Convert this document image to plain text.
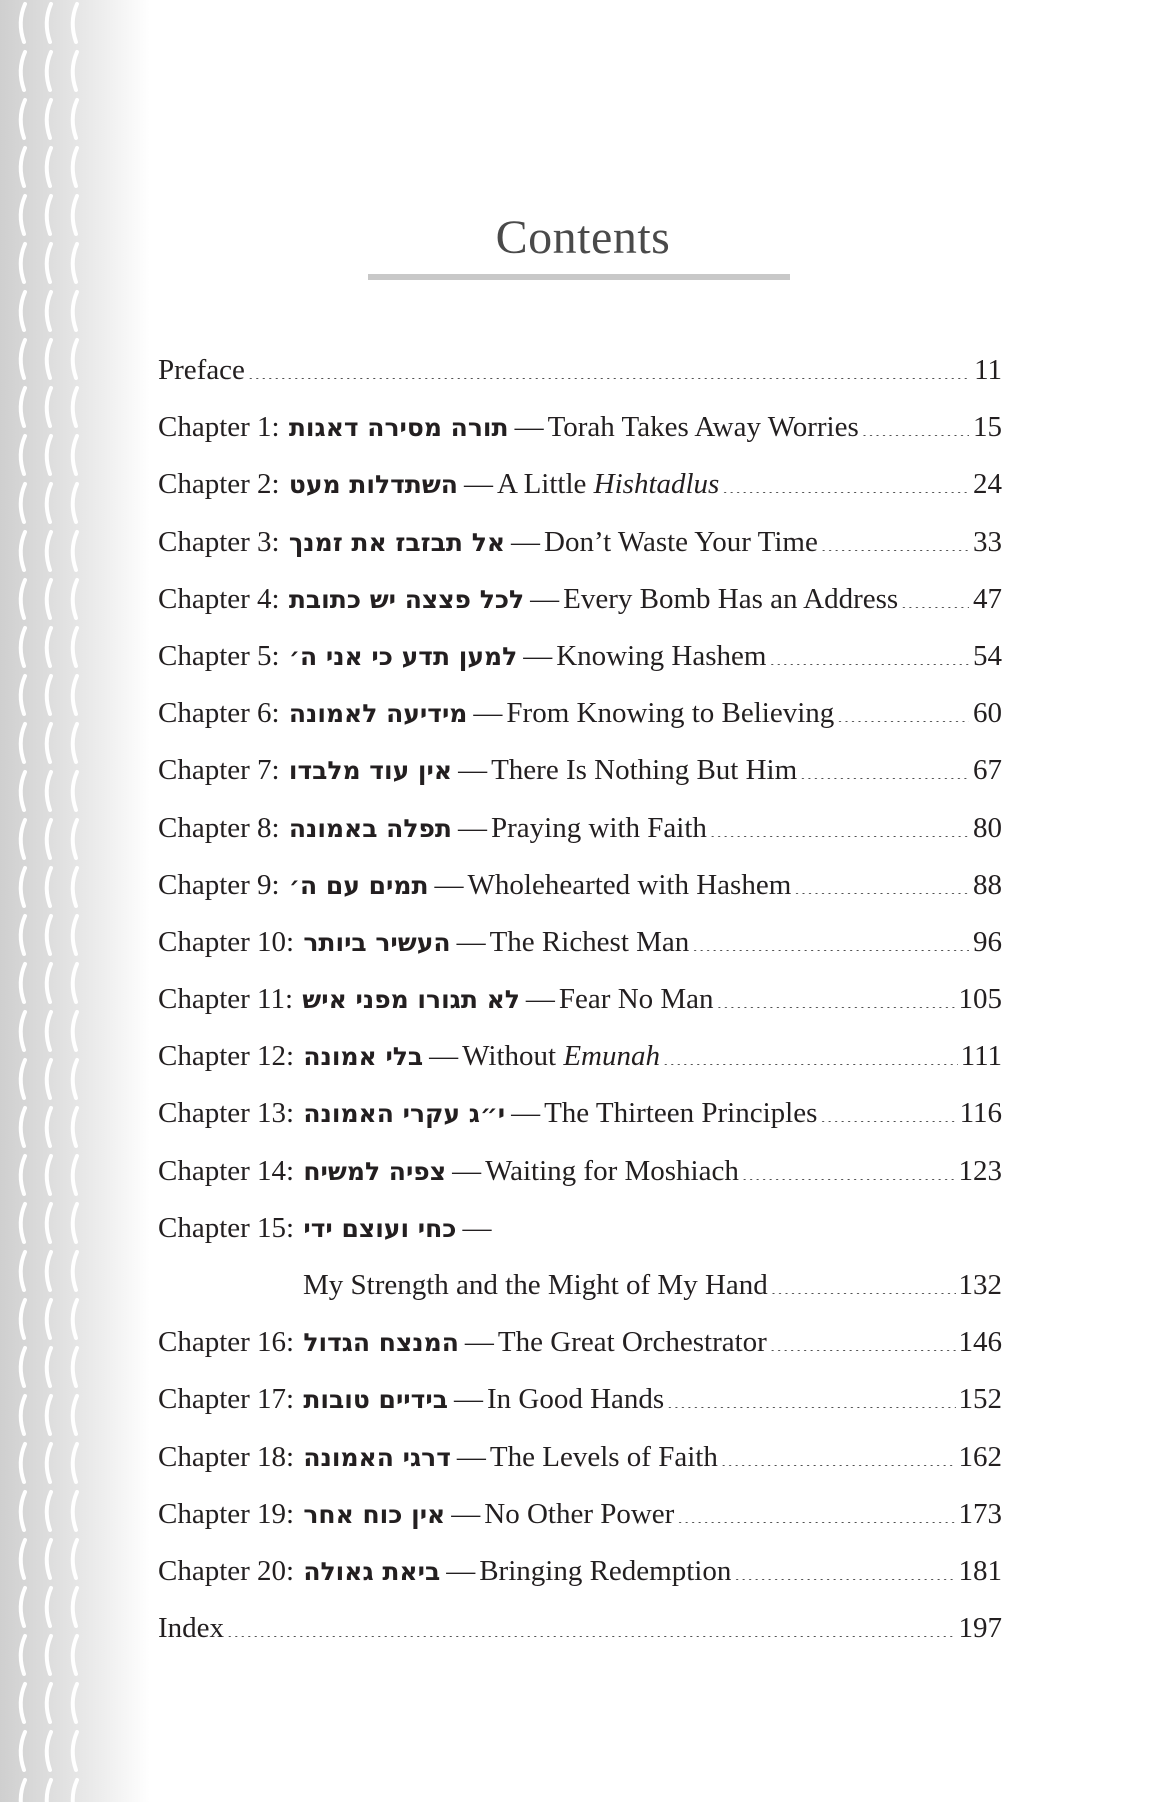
Contents
Preface .....	11
Chapter 1:
תורה מסירה דאגות — Torah Takes Away Worries .....	15
Chapter 2:
השתדלות מעט — A Little Hishtadlus .....	24
Chapter 3:
אל תבזבז את זמנך — Don’t Waste Your Time .....	33
Chapter 4:
לכל פצצה יש כתובת — Every Bomb Has an Address .....	47
Chapter 5:
למען תדע כי אני ה׳ — Knowing Hashem .....	54
Chapter 6:
מידיעה לאמונה — From Knowing to Believing .....	60
Chapter 7:
אין עוד מלבדו — There Is Nothing But Him .....	67
Chapter 8:
תפלה באמונה — Praying with Faith .....	80
Chapter 9:
תמים עם ה׳ — Wholehearted with Hashem .....	88
Chapter 10:
העשיר ביותר — The Richest Man .....	96
Chapter 11:
לא תגורו מפני איש — Fear No Man .....	105
Chapter 12:
בלי אמונה — Without Emunah .....	111
Chapter 13:
י״ג עקרי האמונה — The Thirteen Principles .....	116
Chapter 14:
צפיה למשיח — Waiting for Moshiach .....	123
Chapter 15:
כחי ועוצם ידי —
My Strength and the Might of My Hand .....	132
Chapter 16:
המנצח הגדול — The Great Orchestrator .....	146
Chapter 17:
בידיים טובות — In Good Hands .....	152
Chapter 18:
דרגי האמונה — The Levels of Faith .....	162
Chapter 19:
אין כוח אחר — No Other Power .....	173
Chapter 20:
ביאת גאולה — Bringing Redemption .....	181
Index .....	197
